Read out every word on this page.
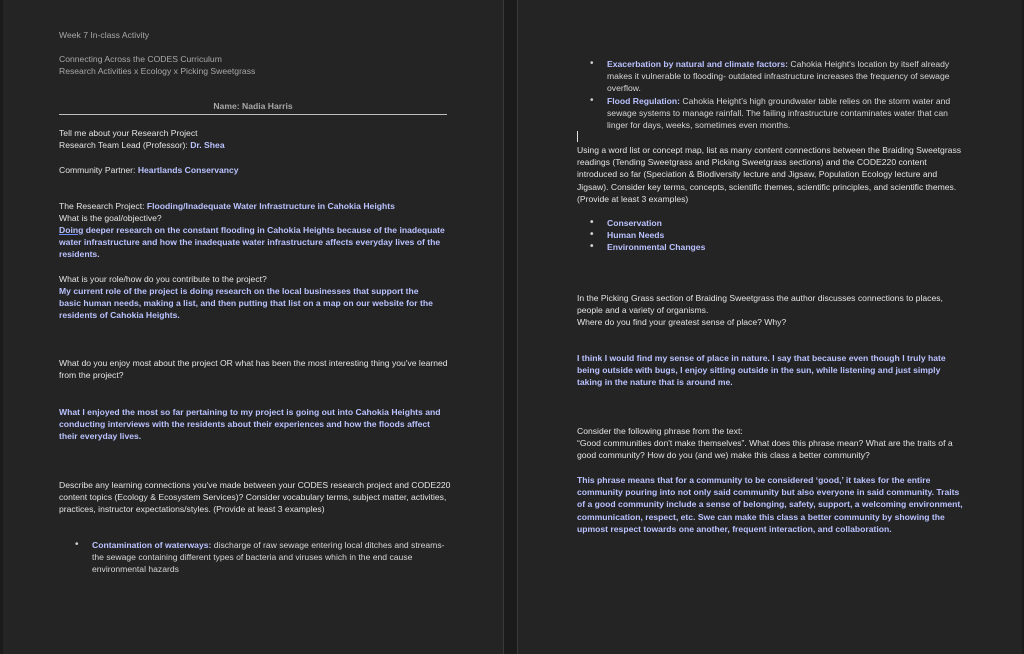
Week 7 In-class Activity

Connecting Across the CODES Curriculum

Research Activities x Ecology x Picking Sweetgrass

Name: Nadia Harris

Tell me about your Research Project

Research Team Lead (Professor): Dr. Shea

Community Partner: Heartlands Conservancy

The Research Project: Flooding/Inadequate Water Infrastructure in Cahokia Heights

What is the goal/objective?

Doing deeper research on the constant flooding in Cahokia Heights because of the inadequate water infrastructure and how the inadequate water infrastructure affects everyday lives of the residents.

What is your role/how do you contribute to the project?

My current role of the project is doing research on the local businesses that support the basic human needs, making a list, and then putting that list on a map on our website for the residents of Cahokia Heights.

What do you enjoy most about the project OR what has been the most interesting thing you've learned from the project?

What I enjoyed the most so far pertaining to my project is going out into Cahokia Heights and conducting interviews with the residents about their experiences and how the floods affect their everyday lives.

Describe any learning connections you've made between your CODES research project and CODE220 content topics (Ecology & Ecosystem Services)? Consider vocabulary terms, subject matter, activities, practices, instructor expectations/styles. (Provide at least 3 examples)

• Contamination of waterways: discharge of raw sewage entering local ditches and streams- the sewage containing different types of bacteria and viruses which in the end cause environmental hazards
• Exacerbation by natural and climate factors: Cahokia Height's location by itself already makes it vulnerable to flooding- outdated infrastructure increases the frequency of sewage overflow.
• Flood Regulation: Cahokia Height's high groundwater table relies on the storm water and sewage systems to manage rainfall. The failing infrastructure contaminates water that can linger for days, weeks, sometimes even months.

Using a word list or concept map, list as many content connections between the Braiding Sweetgrass readings (Tending Sweetgrass and Picking Sweetgrass sections) and the CODE220 content introduced so far (Speciation & Biodiversity lecture and Jigsaw, Population Ecology lecture and Jigsaw). Consider key terms, concepts, scientific themes, scientific principles, and scientific themes. (Provide at least 3 examples)

• Conservation
• Human Needs
• Environmental Changes

In the Picking Grass section of Braiding Sweetgrass the author discusses connections to places, people and a variety of organisms.

Where do you find your greatest sense of place? Why?

I think I would find my sense of place in nature. I say that because even though I truly hate being outside with bugs, I enjoy sitting outside in the sun, while listening and just simply taking in the nature that is around me.

Consider the following phrase from the text:

“Good communities don't make themselves”. What does this phrase mean? What are the traits of a good community? How do you (and we) make this class a better community?

This phrase means that for a community to be considered ‘good,’ it takes for the entire community pouring into not only said community but also everyone in said community. Traits of a good community include a sense of belonging, safety, support, a welcoming environment, communication, respect, etc. Swe can make this class a better community by showing the upmost respect towards one another, frequent interaction, and collaboration.
